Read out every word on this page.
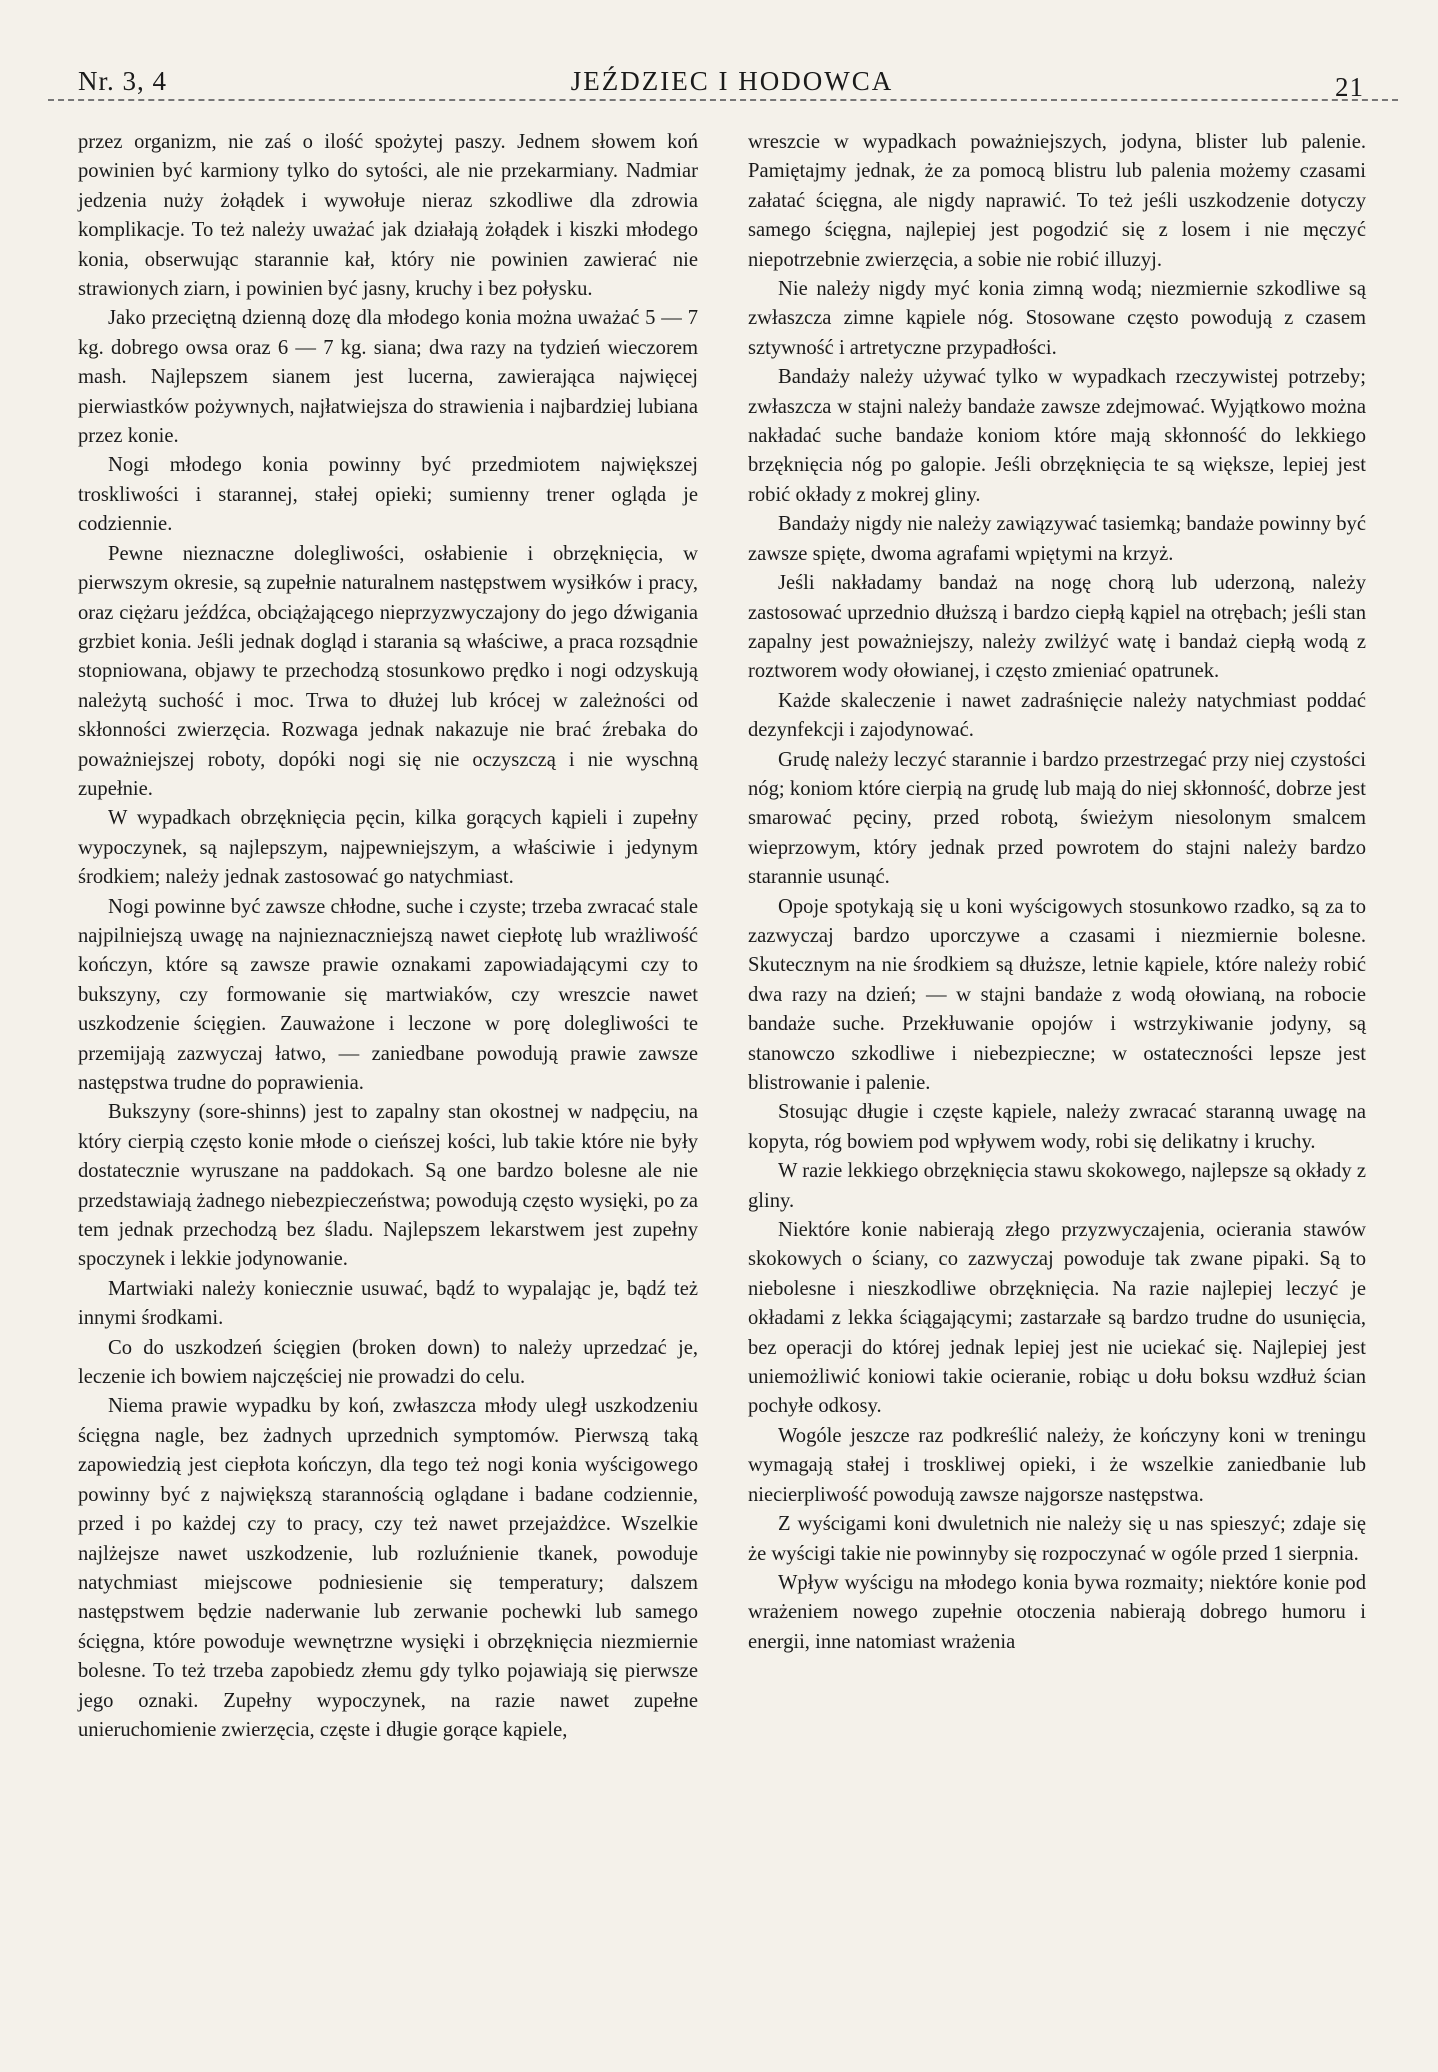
Nr. 3, 4	JEŹDZIEC I HODOWCA	21

przez organizm, nie zaś o ilość spożytej paszy. Jednem słowem koń powinien być karmiony tylko do sytości, ale nie przekarmiany. Nadmiar jedzenia nuży żołądek i wywołuje nieraz szkodliwe dla zdrowia komplikacje. To też należy uważać jak działają żołądek i kiszki młodego konia, obserwując starannie kał, który nie powinien zawierać nie strawionych ziarn, i powinien być jasny, kruchy i bez połysku.

Jako przeciętną dzienną dozę dla młodego konia można uważać 5 — 7 kg. dobrego owsa oraz 6 — 7 kg. siana; dwa razy na tydzień wieczorem mash. Najlepszem sianem jest lucerna, zawierająca najwięcej pierwiastków pożywnych, najłatwiejsza do strawienia i najbardziej lubiana przez konie.

Nogi młodego konia powinny być przedmiotem największej troskliwości i starannej, stałej opieki; sumienny trener ogląda je codziennie.

Pewne nieznaczne dolegliwości, osłabienie i obrzęknięcia, w pierwszym okresie, są zupełnie naturalnem następstwem wysiłków i pracy, oraz ciężaru jeźdźca, obciążającego nieprzyzwyczajony do jego dźwigania grzbiet konia. Jeśli jednak dogląd i starania są właściwe, a praca rozsądnie stopniowana, objawy te przechodzą stosunkowo prędko i nogi odzyskują należytą suchość i moc. Trwa to dłużej lub krócej w zależności od skłonności zwierzęcia. Rozwaga jednak nakazuje nie brać źrebaka do poważniejszej roboty, dopóki nogi się nie oczyszczą i nie wyschną zupełnie.

W wypadkach obrzęknięcia pęcin, kilka gorących kąpieli i zupełny wypoczynek, są najlepszym, najpewniejszym, a właściwie i jedynym środkiem; należy jednak zastosować go natychmiast.

Nogi powinne być zawsze chłodne, suche i czyste; trzeba zwracać stale najpilniejszą uwagę na najnieznaczniejszą nawet ciepłotę lub wrażliwość kończyn, które są zawsze prawie oznakami zapowiadającymi czy to bukszyny, czy formowanie się martwiaków, czy wreszcie nawet uszkodzenie ścięgien. Zauważone i leczone w porę dolegliwości te przemijają zazwyczaj łatwo, — zaniedbane powodują prawie zawsze następstwa trudne do poprawienia.

Bukszyny (sore-shinns) jest to zapalny stan okostnej w nadpęciu, na który cierpią często konie młode o cieńszej kości, lub takie które nie były dostatecznie wyruszane na paddokach. Są one bardzo bolesne ale nie przedstawiają żadnego niebezpieczeństwa; powodują często wysięki, po za tem jednak przechodzą bez śladu. Najlepszem lekarstwem jest zupełny spoczynek i lekkie jodynowanie.

Martwiaki należy koniecznie usuwać, bądź to wypalając je, bądź też innymi środkami.

Co do uszkodzeń ścięgien (broken down) to należy uprzedzać je, leczenie ich bowiem najczęściej nie prowadzi do celu.

Niema prawie wypadku by koń, zwłaszcza młody uległ uszkodzeniu ścięgna nagle, bez żadnych uprzednich symptomów. Pierwszą taką zapowiedzią jest ciepłota kończyn, dla tego też nogi konia wyścigowego powinny być z największą starannością oglądane i badane codziennie, przed i po każdej czy to pracy, czy też nawet przejażdżce. Wszelkie najlżejsze nawet uszkodzenie, lub rozluźnienie tkanek, powoduje natychmiast miejscowe podniesienie się temperatury; dalszem następstwem będzie naderwanie lub zerwanie pochewki lub samego ścięgna, które powoduje wewnętrzne wysięki i obrzęknięcia niezmiernie bolesne. To też trzeba zapobiedz złemu gdy tylko pojawiają się pierwsze jego oznaki. Zupełny wypoczynek, na razie nawet zupełne unieruchomienie zwierzęcia, częste i długie gorące kąpiele,

wreszcie w wypadkach poważniejszych, jodyna, blister lub palenie. Pamiętajmy jednak, że za pomocą blistru lub palenia możemy czasami załatać ścięgna, ale nigdy naprawić. To też jeśli uszkodzenie dotyczy samego ścięgna, najlepiej jest pogodzić się z losem i nie męczyć niepotrzebnie zwierzęcia, a sobie nie robić illuzyj.

Nie należy nigdy myć konia zimną wodą; niezmiernie szkodliwe są zwłaszcza zimne kąpiele nóg. Stosowane często powodują z czasem sztywność i artretyczne przypadłości.

Bandaży należy używać tylko w wypadkach rzeczywistej potrzeby; zwłaszcza w stajni należy bandaże zawsze zdejmować. Wyjątkowo można nakładać suche bandaże koniom które mają skłonność do lekkiego brzęknięcia nóg po galopie. Jeśli obrzęknięcia te są większe, lepiej jest robić okłady z mokrej gliny.

Bandaży nigdy nie należy zawiązywać tasiemką; bandaże powinny być zawsze spięte, dwoma agrafami wpiętymi na krzyż.

Jeśli nakładamy bandaż na nogę chorą lub uderzoną, należy zastosować uprzednio dłuższą i bardzo ciepłą kąpiel na otrębach; jeśli stan zapalny jest poważniejszy, należy zwilżyć watę i bandaż ciepłą wodą z roztworem wody ołowianej, i często zmieniać opatrunek.

Każde skaleczenie i nawet zadraśnięcie należy natychmiast poddać dezynfekcji i zajodynować.

Grudę należy leczyć starannie i bardzo przestrzegać przy niej czystości nóg; koniom które cierpią na grudę lub mają do niej skłonność, dobrze jest smarować pęciny, przed robotą, świeżym niesolonym smalcem wieprzowym, który jednak przed powrotem do stajni należy bardzo starannie usunąć.

Opoje spotykają się u koni wyścigowych stosunkowo rzadko, są za to zazwyczaj bardzo uporczywe a czasami i niezmiernie bolesne. Skutecznym na nie środkiem są dłuższe, letnie kąpiele, które należy robić dwa razy na dzień; — w stajni bandaże z wodą ołowianą, na robocie bandaże suche. Przekłuwanie opojów i wstrzykiwanie jodyny, są stanowczo szkodliwe i niebezpieczne; w ostateczności lepsze jest blistrowanie i palenie.

Stosując długie i częste kąpiele, należy zwracać staranną uwagę na kopyta, róg bowiem pod wpływem wody, robi się delikatny i kruchy.

W razie lekkiego obrzęknięcia stawu skokowego, najlepsze są okłady z gliny.

Niektóre konie nabierają złego przyzwyczajenia, ocierania stawów skokowych o ściany, co zazwyczaj powoduje tak zwane pipaki. Są to niebolesne i nieszkodliwe obrzęknięcia. Na razie najlepiej leczyć je okładami z lekka ściągającymi; zastarzałe są bardzo trudne do usunięcia, bez operacji do której jednak lepiej jest nie uciekać się. Najlepiej jest uniemożliwić koniowi takie ocieranie, robiąc u dołu boksu wzdłuż ścian pochyłe odkosy.

Wogóle jeszcze raz podkreślić należy, że kończyny koni w treningu wymagają stałej i troskliwej opieki, i że wszelkie zaniedbanie lub niecierpliwość powodują zawsze najgorsze następstwa.

Z wyścigami koni dwuletnich nie należy się u nas spieszyć; zdaje się że wyścigi takie nie powinnyby się rozpoczynać w ogóle przed 1 sierpnia.

Wpływ wyścigu na młodego konia bywa rozmaity; niektóre konie pod wrażeniem nowego zupełnie otoczenia nabierają dobrego humoru i energii, inne natomiast wrażenia
